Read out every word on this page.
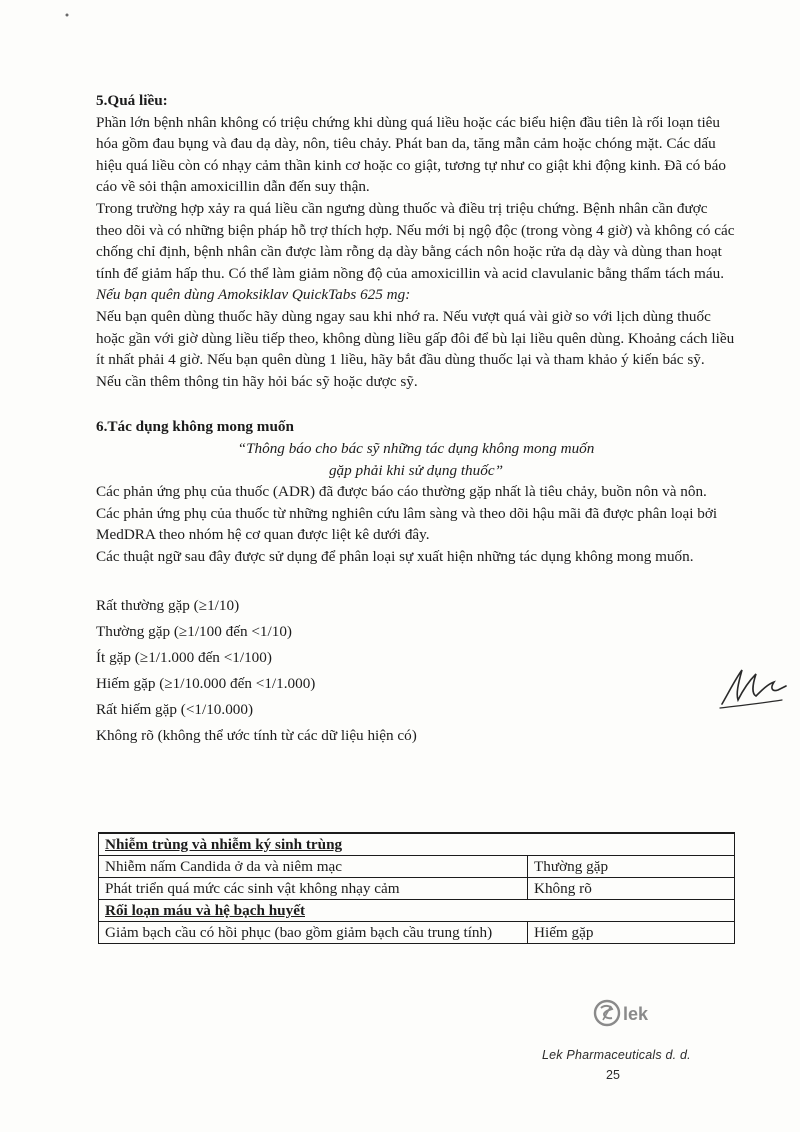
5.Quá liều:

Phần lớn bệnh nhân không có triệu chứng khi dùng quá liều hoặc các biểu hiện đầu tiên là rối loạn tiêu hóa gồm đau bụng và đau dạ dày, nôn, tiêu chảy. Phát ban da, tăng mẫn cảm hoặc chóng mặt. Các dấu hiệu quá liều còn có nhạy cảm thần kinh cơ hoặc co giật, tương tự như co giật khi động kinh. Đã có báo cáo về sỏi thận amoxicillin dẫn đến suy thận.

Trong trường hợp xảy ra quá liều cần ngưng dùng thuốc và điều trị triệu chứng. Bệnh nhân cần được theo dõi và có những biện pháp hỗ trợ thích hợp. Nếu mới bị ngộ độc (trong vòng 4 giờ) và không có các chống chỉ định, bệnh nhân cần được làm rỗng dạ dày bằng cách nôn hoặc rửa dạ dày và dùng than hoạt tính để giảm hấp thu. Có thể làm giảm nồng độ của amoxicillin và acid clavulanic bằng thẩm tách máu.

Nếu bạn quên dùng Amoksiklav QuickTabs 625 mg:

Nếu bạn quên dùng thuốc hãy dùng ngay sau khi nhớ ra. Nếu vượt quá vài giờ so với lịch dùng thuốc hoặc gần với giờ dùng liều tiếp theo, không dùng liều gấp đôi để bù lại liều quên dùng. Khoảng cách liều ít nhất phải 4 giờ. Nếu bạn quên dùng 1 liều, hãy bắt đầu dùng thuốc lại và tham khảo ý kiến bác sỹ.

Nếu cần thêm thông tin hãy hỏi bác sỹ hoặc dược sỹ.

6.Tác dụng không mong muốn

“Thông báo cho bác sỹ những tác dụng không mong muốn

gặp phải khi sử dụng thuốc”

Các phản ứng phụ của thuốc (ADR) đã được báo cáo thường gặp nhất là tiêu chảy, buồn nôn và nôn.

Các phản ứng phụ của thuốc từ những nghiên cứu lâm sàng và theo dõi hậu mãi đã được phân loại bởi MedDRA theo nhóm hệ cơ quan được liệt kê dưới đây.

Các thuật ngữ sau đây được sử dụng để phân loại sự xuất hiện những tác dụng không mong muốn.

Rất thường gặp (≥1/10)

Thường gặp (≥1/100 đến <1/10)

Ít gặp (≥1/1.000 đến <1/100)

Hiếm gặp (≥1/10.000 đến <1/1.000)

Rất hiếm gặp (<1/10.000)

Không rõ (không thể ước tính từ các dữ liệu hiện có)

Nhiễm trùng và nhiễm ký sinh trùng	
Nhiễm nấm Candida ở da và niêm mạc	Thường gặp
Phát triển quá mức các sinh vật không nhạy cảm	Không rõ
Rối loạn máu và hệ bạch huyết	
Giảm bạch cầu có hồi phục (bao gồm giảm bạch cầu trung tính)	Hiếm gặp
lek
Lek Pharmaceuticals d. d.
25
